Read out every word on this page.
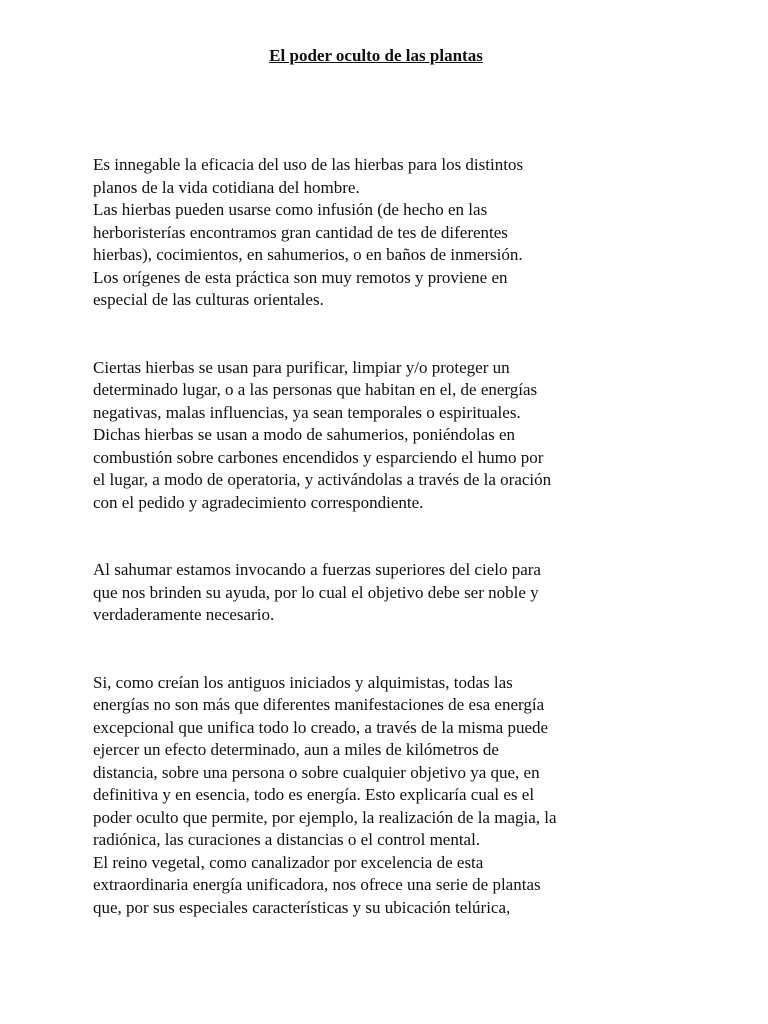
El poder oculto de las plantas

Es innegable la eficacia del uso de las hierbas para los distintos
planos de la vida cotidiana del hombre.
Las hierbas pueden usarse como infusión (de hecho en las
herboristerías encontramos gran cantidad de tes de diferentes
hierbas), cocimientos, en sahumerios, o en baños de inmersión.
Los orígenes de esta práctica son muy remotos y proviene en
especial de las culturas orientales.

Ciertas hierbas se usan para purificar, limpiar y/o proteger un
determinado lugar, o a las personas que habitan en el, de energías
negativas, malas influencias, ya sean temporales o espirituales.
Dichas hierbas se usan a modo de sahumerios, poniéndolas en
combustión sobre carbones encendidos y esparciendo el humo por
el lugar, a modo de operatoria, y activándolas a través de la oración
con el pedido y agradecimiento correspondiente.

Al sahumar estamos invocando a fuerzas superiores del cielo para
que nos brinden su ayuda, por lo cual el objetivo debe ser noble y
verdaderamente necesario.

Si, como creían los antiguos iniciados y alquimistas, todas las
energías no son más que diferentes manifestaciones de esa energía
excepcional que unifica todo lo creado, a través de la misma puede
ejercer un efecto determinado, aun a miles de kilómetros de
distancia, sobre una persona o sobre cualquier objetivo ya que, en
definitiva y en esencia, todo es energía. Esto explicaría cual es el
poder oculto que permite, por ejemplo, la realización de la magia, la
radiónica, las curaciones a distancias o el control mental.
El reino vegetal, como canalizador por excelencia de esta
extraordinaria energía unificadora, nos ofrece una serie de plantas
que, por sus especiales características y su ubicación telúrica,
